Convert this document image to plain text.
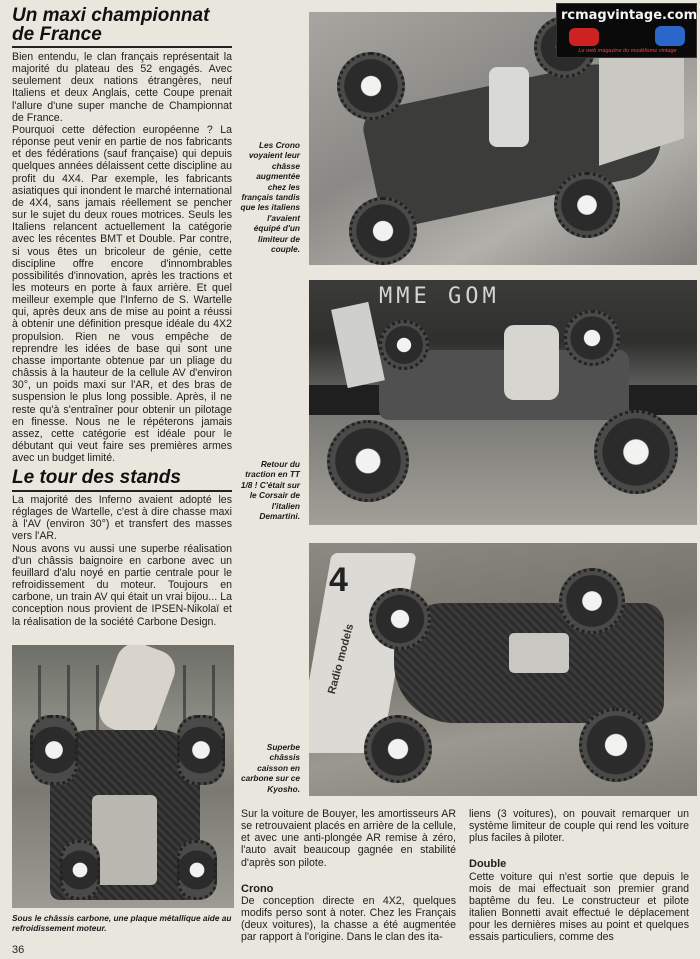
Un maxi championnat
de France

Bien entendu, le clan français représentait la majorité du plateau des 52 engagés. Avec seulement deux nations étrangères, neuf Italiens et deux Anglais, cette Coupe prenait l'allure d'une super manche de Championnat de France.

Pourquoi cette défection européenne ? La réponse peut venir en partie de nos fabricants et des fédérations (sauf française) qui depuis quelques années délaissent cette discipline au profit du 4X4. Par exemple, les fabricants asiatiques qui inondent le marché international de 4X4, sans jamais réellement se pencher sur le sujet du deux roues motrices. Seuls les Italiens relancent actuellement la catégorie avec les récentes BMT et Double. Par contre, si vous êtes un bricoleur de génie, cette discipline offre encore d'innombrables possibilités d'innovation, après les tractions et les moteurs en porte à faux arrière. Et quel meilleur exemple que l'Inferno de S. Wartelle qui, après deux ans de mise au point a réussi à obtenir une définition presque idéale du 4X2 propulsion. Rien ne vous empêche de reprendre les idées de base qui sont une chasse importante obtenue par un pliage du châssis à la hauteur de la cellule AV d'environ 30°, un poids maxi sur l'AR, et des bras de suspension le plus long possible. Après, il ne reste qu'à s'entraîner pour obtenir un pilotage en finesse. Nous ne le répéterons jamais assez, cette catégorie est idéale pour le débutant qui veut faire ses premières armes avec un budget limité.

Le tour des stands

La majorité des Inferno avaient adopté les réglages de Wartelle, c'est à dire chasse maxi à l'AV (environ 30°) et transfert des masses vers l'AR.

Nous avons vu aussi une superbe réalisation d'un châssis baignoire en carbone avec un feuillard d'alu noyé en partie centrale pour le refroidissement du moteur. Toujours en carbone, un train AV qui était un vrai bijou... La conception nous provient de IPSEN-Nikolaï et la réalisation de la société Carbone Design.

Sous le châssis carbone, une plaque métallique aide au refroidissement moteur.

36

Les Crono voyaient leur châsse augmentée chez les français tandis que les italiens l'avaient équipé d'un limiteur de couple.

Retour du traction en TT 1/8 ! C'était sur le Corsair de l'italien Demartini.

Superbe châssis caisson en carbone sur ce Kyosho.

rcmagvintage.com
Le web magazine du modélisme vintage
MME GOM
4
Radio models

Sur la voiture de Bouyer, les amortisseurs AR se retrouvaient placés en arrière de la cellule, et avec une anti-plongée AR remise à zéro, l'auto avait beaucoup gagnée en stabilité d'après son pilote.

Crono

De conception directe en 4X2, quelques modifs perso sont à noter. Chez les Français (deux voitures), la chasse a été augmentée par rapport à l'origine. Dans le clan des ita-

liens (3 voitures), on pouvait remarquer un système limiteur de couple qui rend les voiture plus faciles à piloter.

Double

Cette voiture qui n'est sortie que depuis le mois de mai effectuait son premier grand baptême du feu. Le constructeur et pilote italien Bonnetti avait effectué le déplacement pour les dernières mises au point et quelques essais particuliers, comme des
